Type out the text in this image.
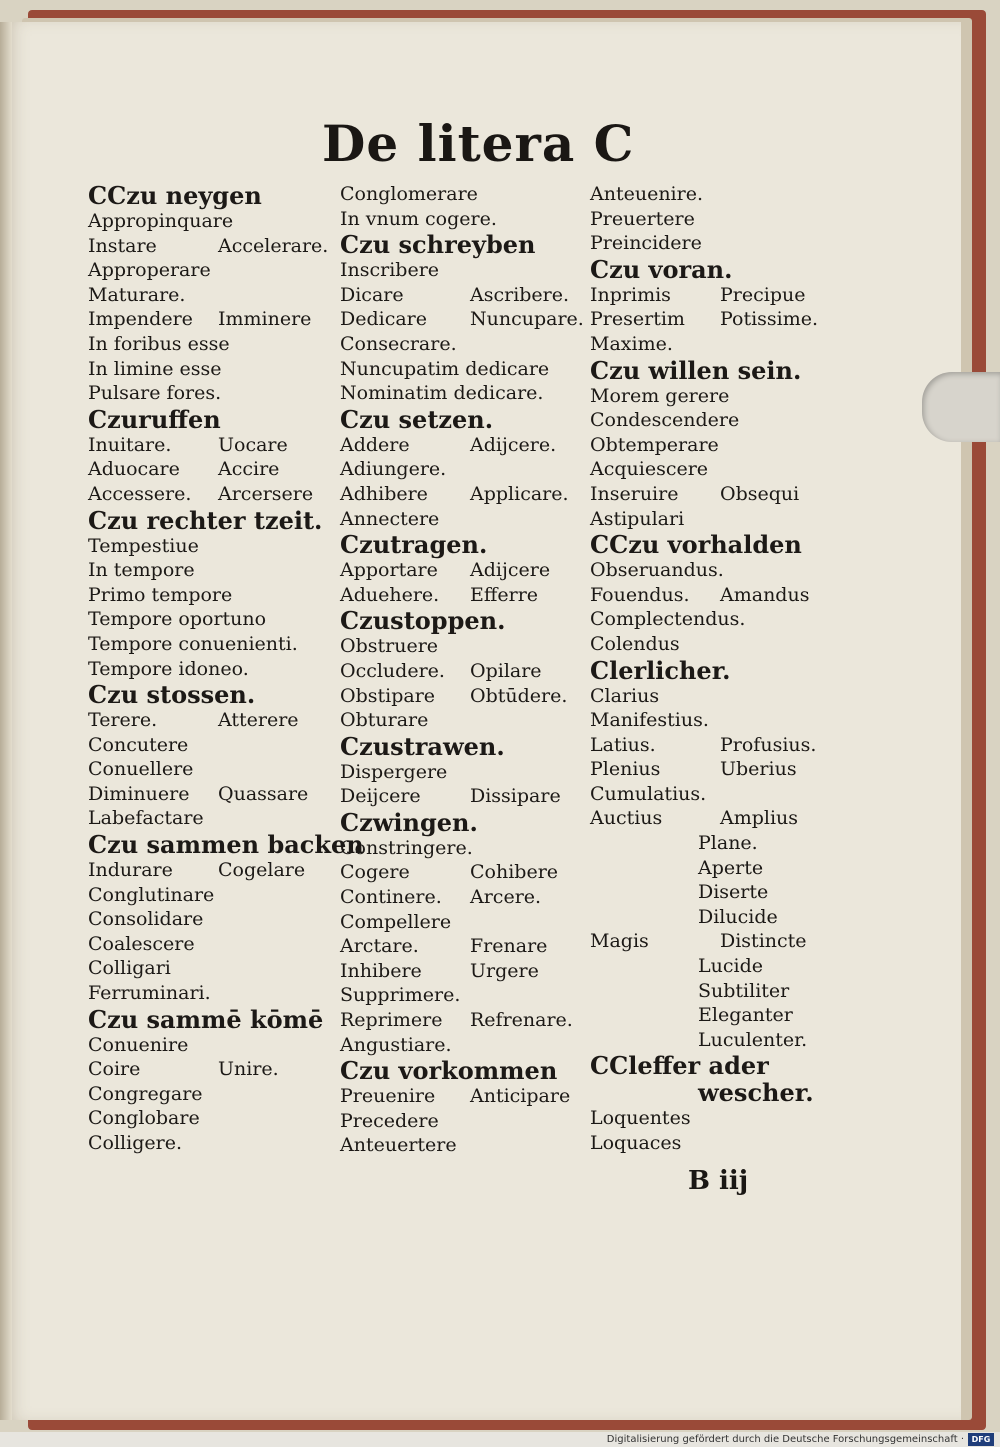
De litera C
CCzu neygen
Appropinquare
Instare	Accelerare.
Approperare
Maturare.
Impendere Imminere
In foribus esse
In limine esse
Pulsare fores.
Czuruffen
Inuitare. Uocare
Aduocare Accire
Accessere. Arcersere
Czu rechter tzeit.
Tempestiue
In tempore
Primo tempore
Tempore oportuno
Tempore conuenienti.
Tempore idoneo.
Czu stossen.
Terere.	Atterere
Concutere
Conuellere
Diminuere Quassare
Labefactare
Czu sammen backen
Indurare Cogelare
Conglutinare
Consolidare
Coalescere
Colligari
Ferruminari.
Czu sammē kōmē
Conuenire
Coire	Unire.
Congregare
Conglobare
Colligere.
Conglomerare
In vnum cogere.
Czu schreyben
Inscribere
Dicare	Ascribere.
Dedicare Nuncupare.
Consecrare.
Nuncupatim dedicare
Nominatim dedicare.
Czu setzen.
Addere	Adijcere.
Adiungere.
Adhibere Applicare.
Annectere
Czutragen.
Apportare Adijcere
Aduehere. Efferre
Czustoppen.
Obstruere
Occludere. Opilare
Obstipare Obtūdere.
Obturare
Czustrawen.
Dispergere
Deijcere	Dissipare
Czwingen.
Constringere.
Cogere	Cohibere
Continere. Arcere.
Compellere
Arctare.	Frenare
Inhibere	Urgere
Supprimere.
Reprimere Refrenare.
Angustiare.
Czu vorkommen
Preuenire Anticipare
Precedere
Anteuertere
Anteuenire.
Preuertere
Preincidere
Czu voran.
Inprimis	Precipue
Presertim Potissime.
Maxime.
Czu willen sein.
Morem gerere
Condescendere
Obtemperare
Acquiescere
Inseruire Obsequi
Astipulari
CCzu vorhalden
Obseruandus.
Fouendus. Amandus
Complectendus.
Colendus
Clerlicher.
Clarius
Manifestius.
Latius.	Profusius.
Plenius	Uberius
Cumulatius.
Auctius	Amplius
Plane.
Aperte
Diserte
Dilucide
Magis	Distincte
Lucide
Subtiliter
Eleganter
Luculenter.
CCleffer ader
wescher.
Loquentes
Loquaces
B iij
Digitalisierung gefördert durch die Deutsche Forschungsgemeinschaft · DFG
